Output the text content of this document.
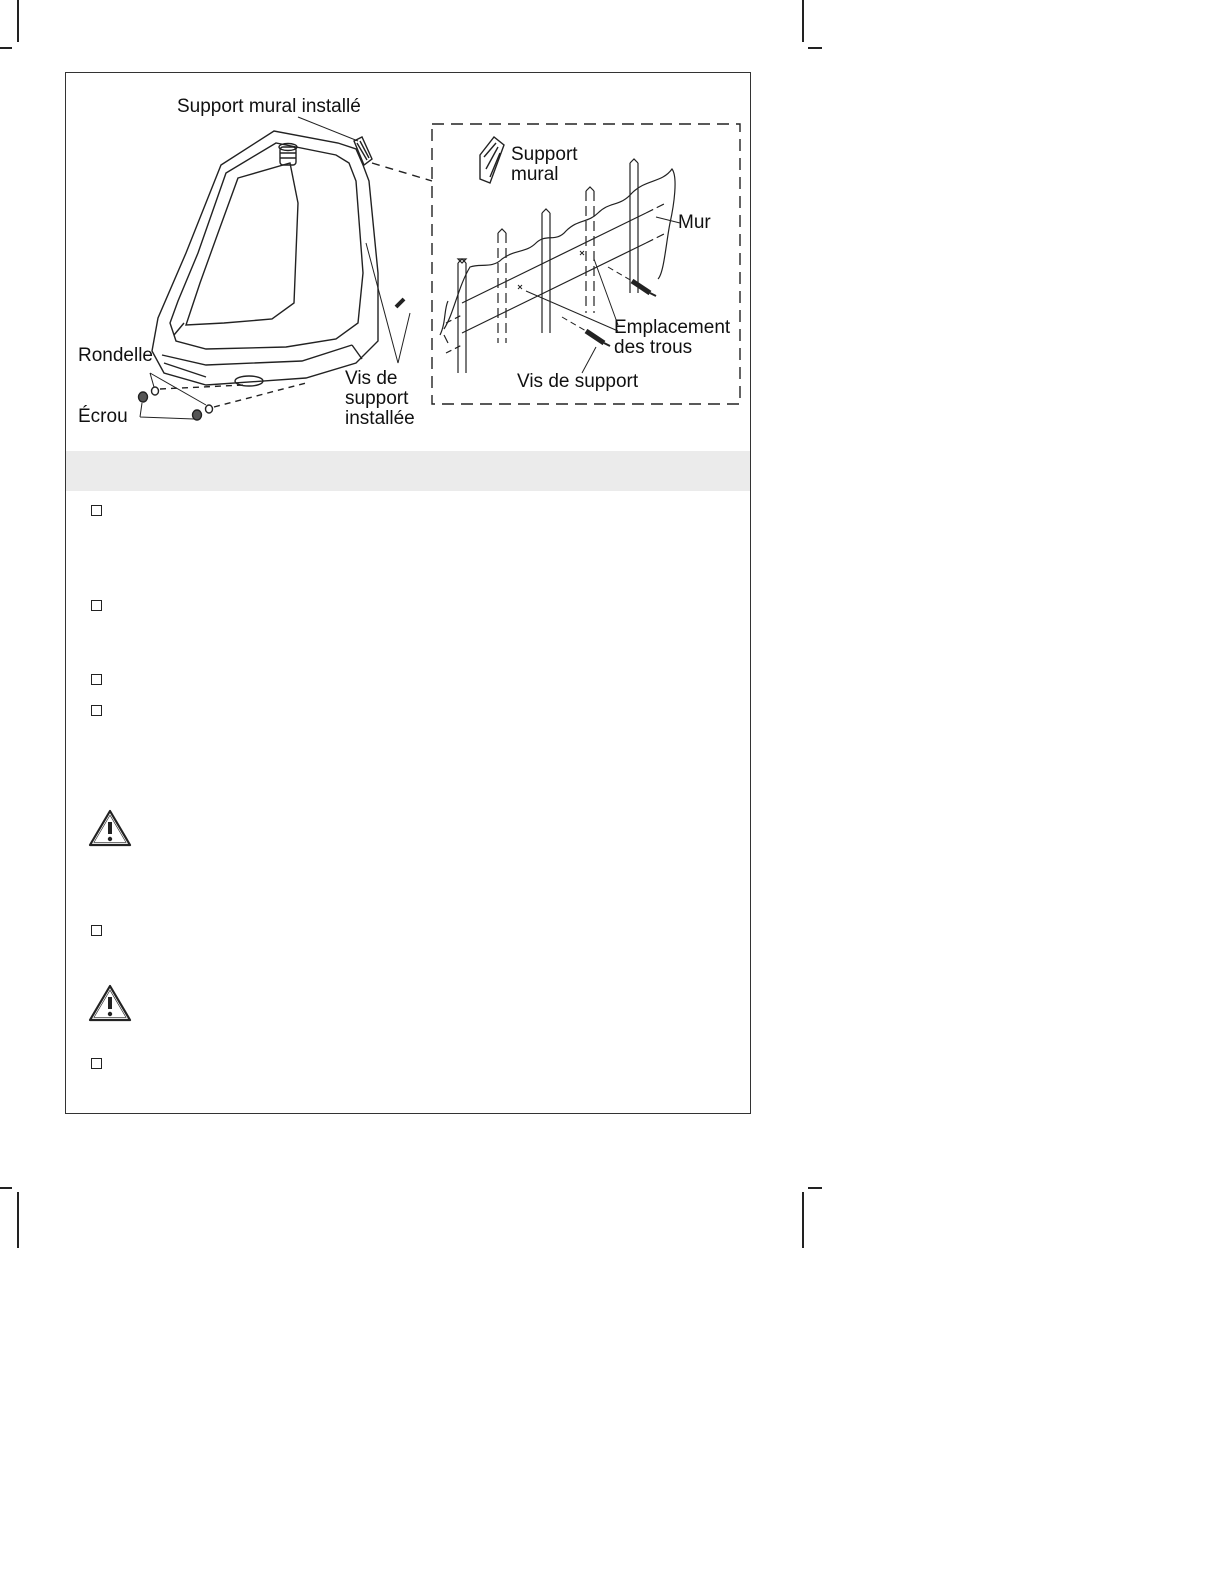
Support mural installé
Support
mural
Mur
Rondelle
Écrou
Vis de
support
installée
Emplacement
des trous
Vis de support
